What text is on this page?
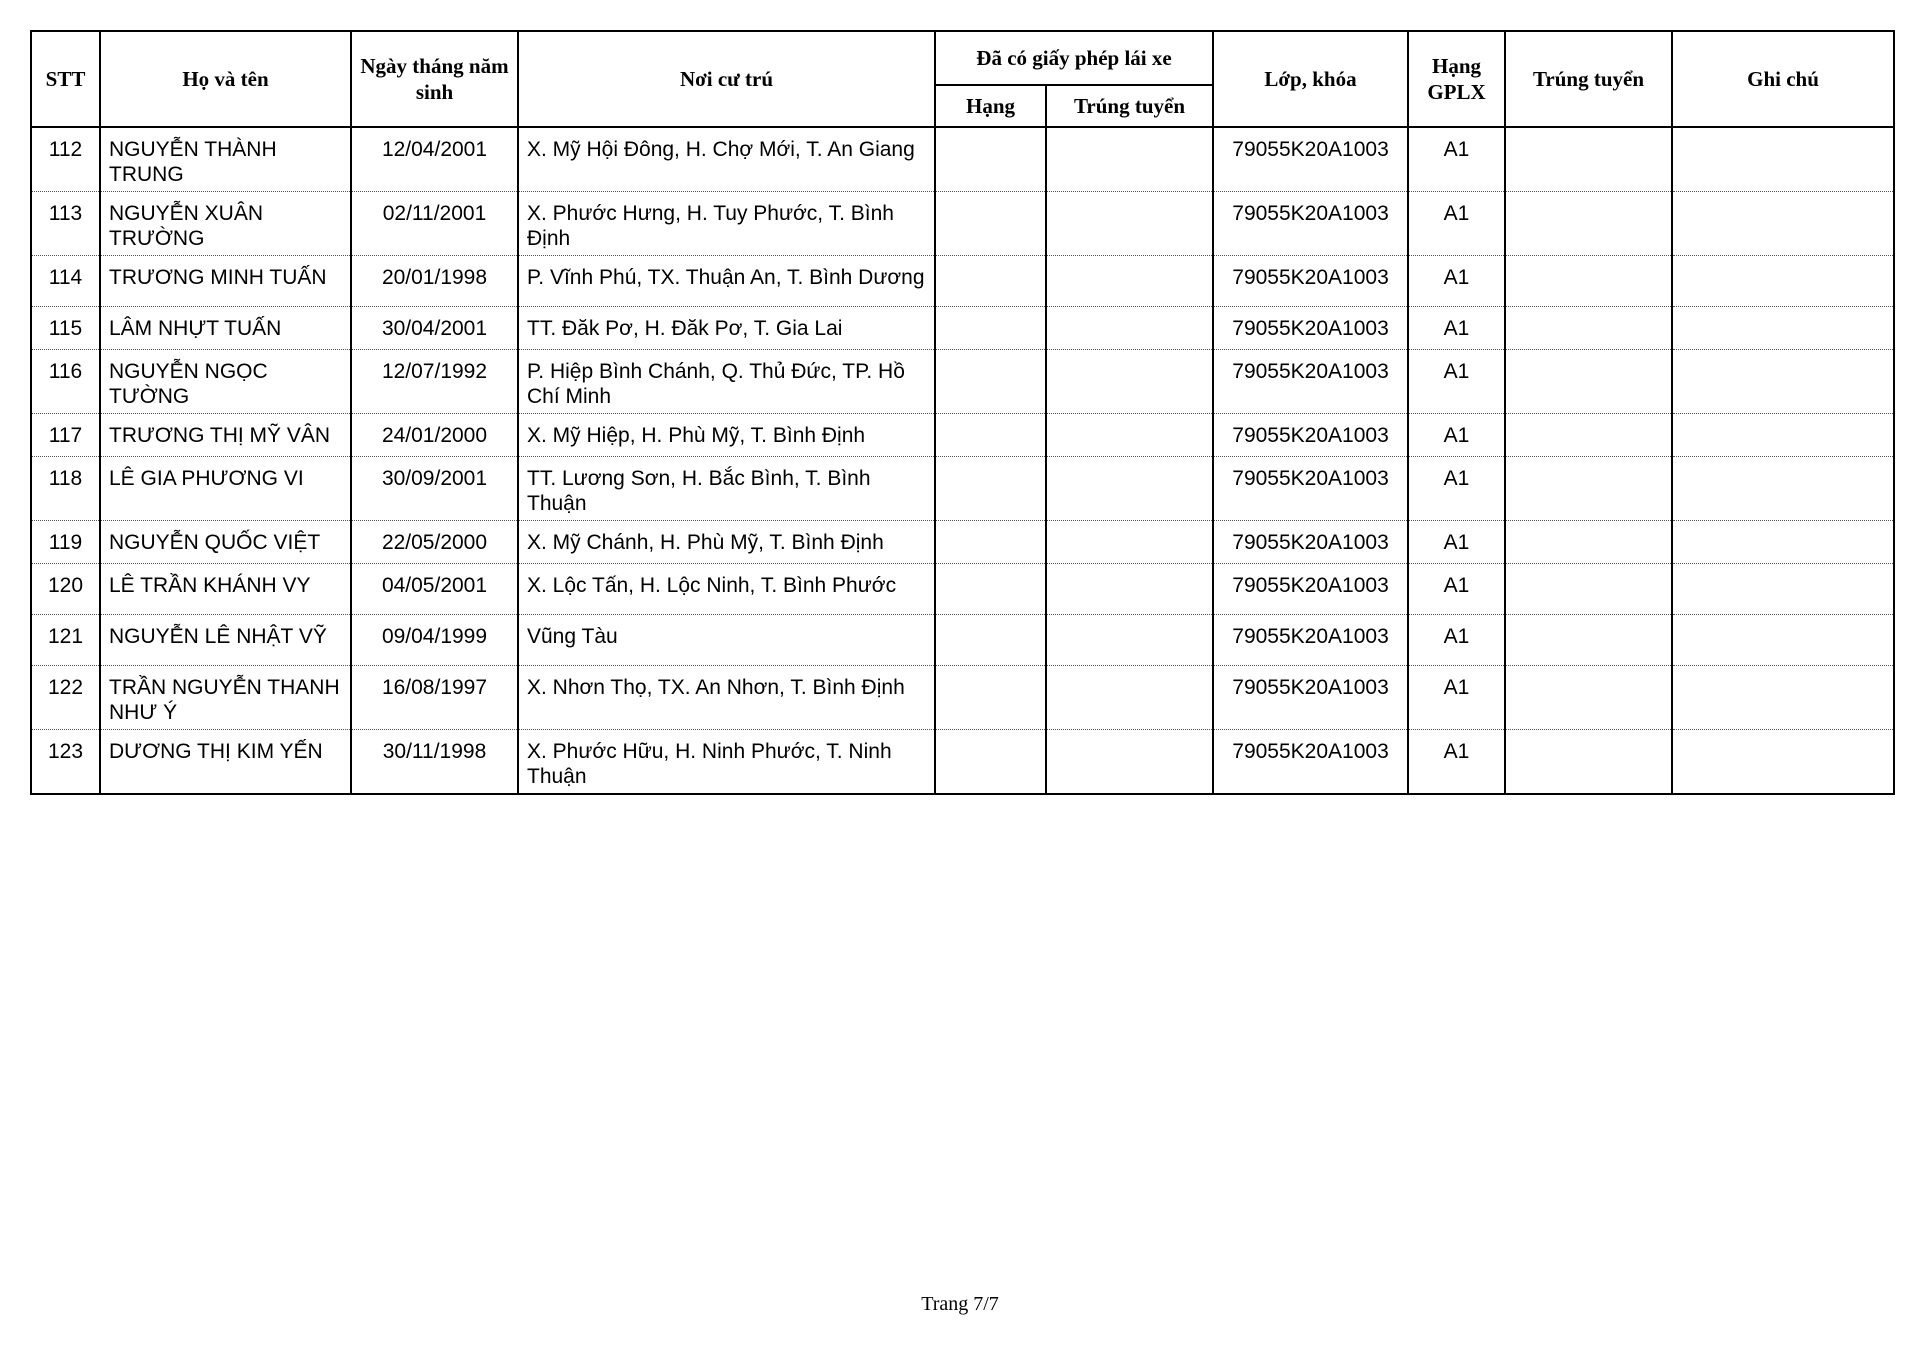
STT	Họ và tên	Ngày tháng năm sinh	Nơi cư trú	Đã có giấy phép lái xe		Lớp, khóa	Hạng GPLX	Trúng tuyển	Ghi chú
				Hạng	Trúng tuyển				
112	NGUYỄN THÀNH TRUNG	12/04/2001	X. Mỹ Hội Đông, H. Chợ Mới, T. An Giang			79055K20A1003	A1		
113	NGUYỄN XUÂN TRƯỜNG	02/11/2001	X. Phước Hưng, H. Tuy Phước, T. Bình Định			79055K20A1003	A1		
114	TRƯƠNG MINH TUẤN	20/01/1998	P. Vĩnh Phú, TX. Thuận An, T. Bình Dương			79055K20A1003	A1		
115	LÂM NHỰT TUẤN	30/04/2001	TT. Đăk Pơ, H. Đăk Pơ, T. Gia Lai			79055K20A1003	A1		
116	NGUYỄN NGỌC TƯỜNG	12/07/1992	P. Hiệp Bình Chánh, Q. Thủ Đức, TP. Hồ Chí Minh			79055K20A1003	A1		
117	TRƯƠNG THỊ MỸ VÂN	24/01/2000	X. Mỹ Hiệp, H. Phù Mỹ, T. Bình Định			79055K20A1003	A1		
118	LÊ GIA PHƯƠNG VI	30/09/2001	TT. Lương Sơn, H. Bắc Bình, T. Bình Thuận			79055K20A1003	A1		
119	NGUYỄN QUỐC VIỆT	22/05/2000	X. Mỹ Chánh, H. Phù Mỹ, T. Bình Định			79055K20A1003	A1		
120	LÊ TRẦN KHÁNH VY	04/05/2001	X. Lộc Tấn, H. Lộc Ninh, T. Bình Phước			79055K20A1003	A1		
121	NGUYỄN LÊ NHẬT VỸ	09/04/1999	Vũng Tàu			79055K20A1003	A1		
122	TRẦN NGUYỄN THANH NHƯ Ý	16/08/1997	X. Nhơn Thọ, TX. An Nhơn, T. Bình Định			79055K20A1003	A1		
123	DƯƠNG THỊ KIM YẾN	30/11/1998	X. Phước Hữu, H. Ninh Phước, T. Ninh Thuận			79055K20A1003	A1		
Trang 7/7
